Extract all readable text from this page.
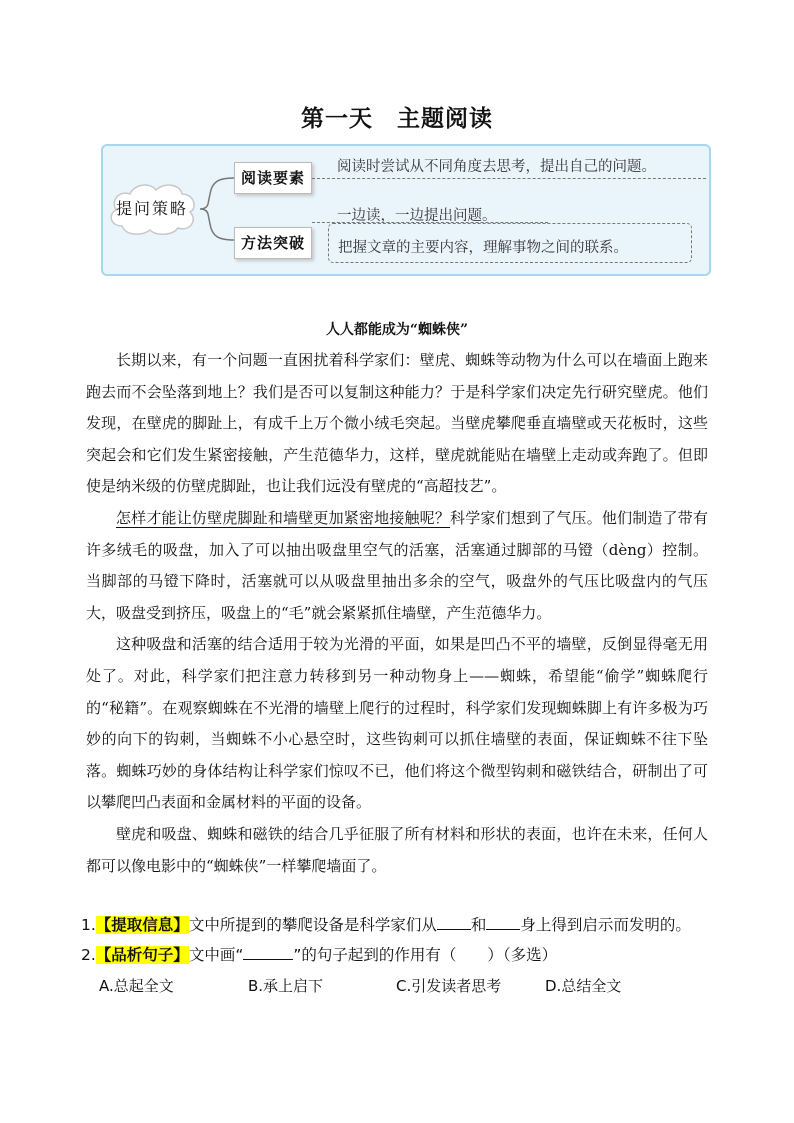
第一天　主题阅读
提问策略
阅读要素
方法突破
阅读时尝试从不同角度去思考，提出自己的问题。
一边读，一边提出问题。
把握文章的主要内容，理解事物之间的联系。
人人都能成为“蜘蛛侠”

长期以来，有一个问题一直困扰着科学家们：壁虎、蜘蛛等动物为什么可以在墙面上跑来跑去而不会坠落到地上？我们是否可以复制这种能力？于是科学家们决定先行研究壁虎。他们发现，在壁虎的脚趾上，有成千上万个微小绒毛突起。当壁虎攀爬垂直墙壁或天花板时，这些突起会和它们发生紧密接触，产生范德华力，这样，壁虎就能贴在墙壁上走动或奔跑了。但即使是纳米级的仿壁虎脚趾，也让我们远没有壁虎的“高超技艺”。

怎样才能让仿壁虎脚趾和墙壁更加紧密地接触呢？科学家们想到了气压。他们制造了带有许多绒毛的吸盘，加入了可以抽出吸盘里空气的活塞，活塞通过脚部的马镫（dèng）控制。当脚部的马镫下降时，活塞就可以从吸盘里抽出多余的空气，吸盘外的气压比吸盘内的气压大，吸盘受到挤压，吸盘上的“毛”就会紧紧抓住墙壁，产生范德华力。

这种吸盘和活塞的结合适用于较为光滑的平面，如果是凹凸不平的墙壁，反倒显得毫无用处了。对此，科学家们把注意力转移到另一种动物身上——蜘蛛，希望能“偷学”蜘蛛爬行的“秘籍”。在观察蜘蛛在不光滑的墙壁上爬行的过程时，科学家们发现蜘蛛脚上有许多极为巧妙的向下的钩刺，当蜘蛛不小心悬空时，这些钩刺可以抓住墙壁的表面，保证蜘蛛不往下坠落。蜘蛛巧妙的身体结构让科学家们惊叹不已，他们将这个微型钩刺和磁铁结合，研制出了可以攀爬凹凸表面和金属材料的平面的设备。

壁虎和吸盘、蜘蛛和磁铁的结合几乎征服了所有材料和形状的表面，也许在未来，任何人都可以像电影中的“蜘蛛侠”一样攀爬墙面了。

1.【提取信息】文中所提到的攀爬设备是科学家们从 和 身上得到启示而发明的。
2.【品析句子】文中画“	”的句子起到的作用有（　　）（多选）
A.总起全文	B.承上启下	C.引发读者思考	D.总结全文
